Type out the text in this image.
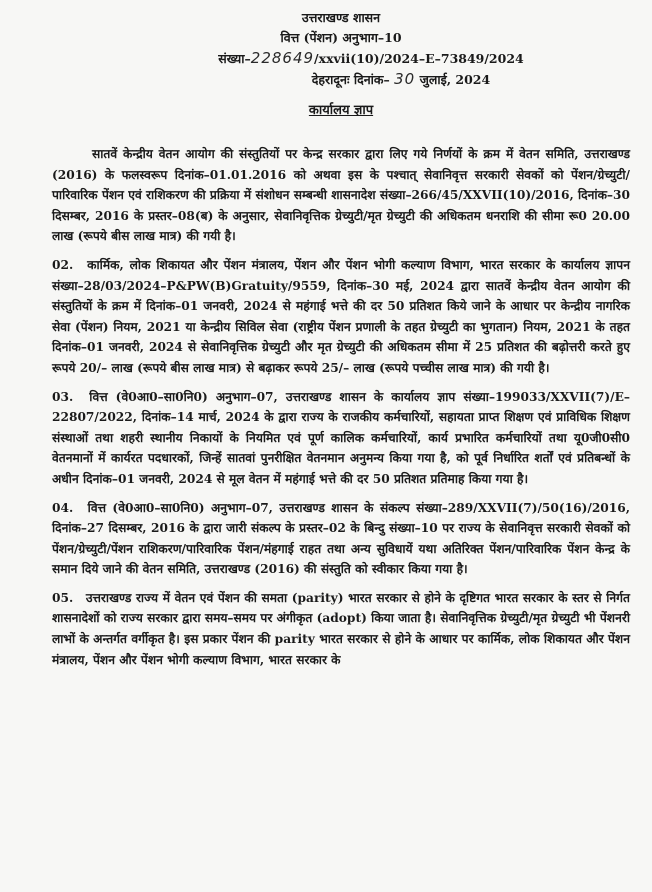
उत्तराखण्ड शासन
वित्त (पेंशन) अनुभाग–10
संख्या–228649/xxvii(10)/2024–E–73849/2024
देहरादूनः दिनांक– 30 जुलाई, 2024
कार्यालय ज्ञाप

सातवें केन्द्रीय वेतन आयोग की संस्तुतियों पर केन्द्र सरकार द्वारा लिए गये निर्णयों के क्रम में वेतन समिति, उत्तराखण्ड (2016) के फलस्वरूप दिनांक–01.01.2016 को अथवा इस के पश्चात् सेवानिवृत्त सरकारी सेवकों को पेंशन/ग्रेच्युटी/पारिवारिक पेंशन एवं राशिकरण की प्रक्रिया में संशोधन सम्बन्धी शासनादेश संख्या–266/45/XXVII(10)/2016, दिनांक–30 दिसम्बर, 2016 के प्रस्तर–08(ब) के अनुसार, सेवानिवृत्तिक ग्रेच्युटी/मृत ग्रेच्युटी की अधिकतम धनराशि की सीमा रू0 20.00 लाख (रूपये बीस लाख मात्र) की गयी है।

02. कार्मिक, लोक शिकायत और पेंशन मंत्रालय, पेंशन और पेंशन भोगी कल्याण विभाग, भारत सरकार के कार्यालय ज्ञापन संख्या–28/03/2024–P&PW(B)Gratuity/9559, दिनांक–30 मई, 2024 द्वारा सातवें केन्द्रीय वेतन आयोग की संस्तुतियों के क्रम में दिनांक–01 जनवरी, 2024 से महंगाई भत्ते की दर 50 प्रतिशत किये जाने के आधार पर केन्द्रीय नागरिक सेवा (पेंशन) नियम, 2021 या केन्द्रीय सिविल सेवा (राष्ट्रीय पेंशन प्रणाली के तहत ग्रेच्युटी का भुगतान) नियम, 2021 के तहत दिनांक–01 जनवरी, 2024 से सेवानिवृत्तिक ग्रेच्युटी और मृत ग्रेच्युटी की अधिकतम सीमा में 25 प्रतिशत की बढ़ोत्तरी करते हुए रूपये 20/– लाख (रूपये बीस लाख मात्र) से बढ़ाकर रूपये 25/– लाख (रूपये पच्चीस लाख मात्र) की गयी है।

03. वित्त (वे0आ0–सा0नि0) अनुभाग–07, उत्तराखण्ड शासन के कार्यालय ज्ञाप संख्या–199033/XXVII(7)/E–22807/2022, दिनांक–14 मार्च, 2024 के द्वारा राज्य के राजकीय कर्मचारियों, सहायता प्राप्त शिक्षण एवं प्राविधिक शिक्षण संस्थाओं तथा शहरी स्थानीय निकायों के नियमित एवं पूर्ण कालिक कर्मचारियों, कार्य प्रभारित कर्मचारियों तथा यू0जी0सी0 वेतनमानों में कार्यरत पदधारकों, जिन्हें सातवां पुनरीक्षित वेतनमान अनुमन्य किया गया है, को पूर्व निर्धारित शर्तों एवं प्रतिबन्धों के अधीन दिनांक–01 जनवरी, 2024 से मूल वेतन में महंगाई भत्ते की दर 50 प्रतिशत प्रतिमाह किया गया है।

04. वित्त (वे0आ0–सा0नि0) अनुभाग–07, उत्तराखण्ड शासन के संकल्प संख्या–289/XXVII(7)/50(16)/2016, दिनांक–27 दिसम्बर, 2016 के द्वारा जारी संकल्प के प्रस्तर–02 के बिन्दु संख्या–10 पर राज्य के सेवानिवृत्त सरकारी सेवकों को पेंशन/ग्रेच्युटी/पेंशन राशिकरण/पारिवारिक पेंशन/मंहगाई राहत तथा अन्य सुविधायें यथा अतिरिक्त पेंशन/पारिवारिक पेंशन केन्द्र के समान दिये जाने की वेतन समिति, उत्तराखण्ड (2016) की संस्तुति को स्वीकार किया गया है।

05. उत्तराखण्ड राज्य में वेतन एवं पेंशन की समता (parity) भारत सरकार से होने के दृष्टिगत भारत सरकार के स्तर से निर्गत शासनादेशों को राज्य सरकार द्वारा समय–समय पर अंगीकृत (adopt) किया जाता है। सेवानिवृत्तिक ग्रेच्युटी/मृत ग्रेच्युटी भी पेंशनरी लाभों के अन्तर्गत वर्गीकृत है। इस प्रकार पेंशन की parity भारत सरकार से होने के आधार पर कार्मिक, लोक शिकायत और पेंशन मंत्रालय, पेंशन और पेंशन भोगी कल्याण विभाग, भारत सरकार के
